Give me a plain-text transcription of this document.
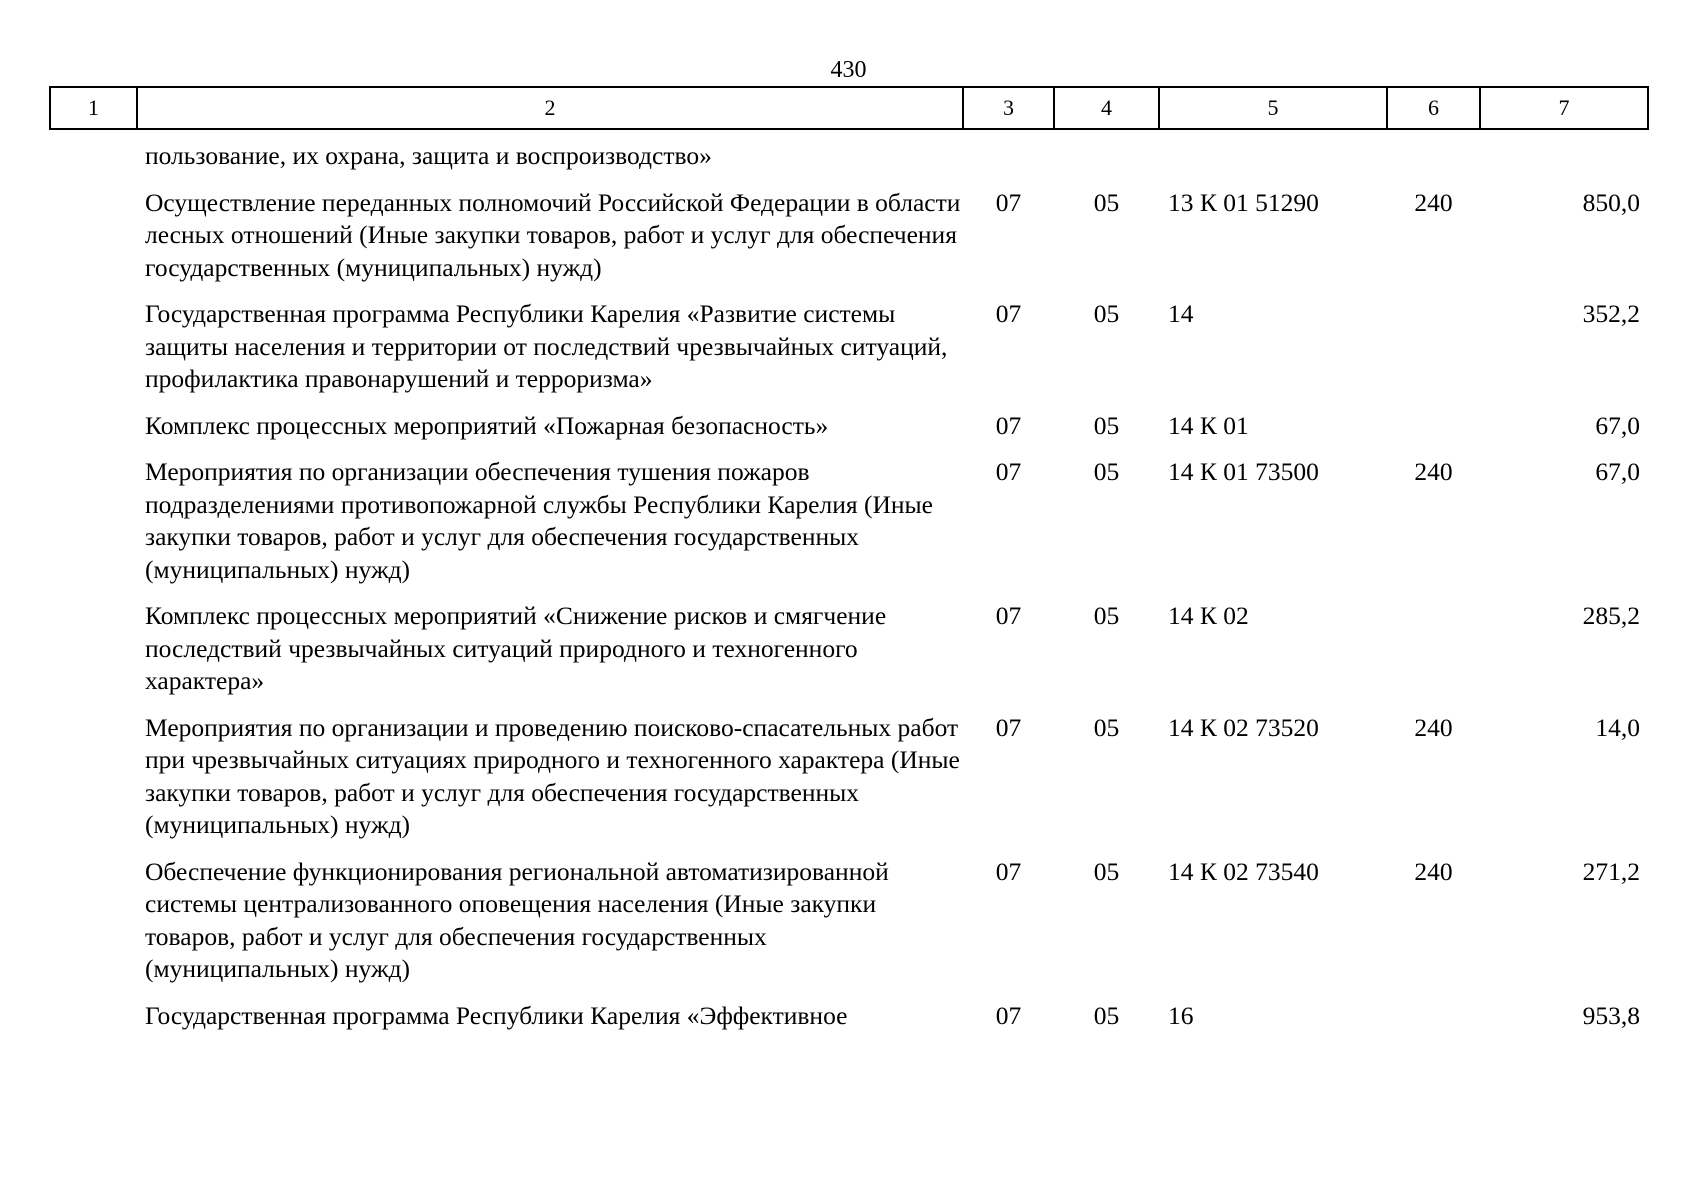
430
1	2	3	4	5	6	7
пользование, их охрана, защита и воспроизводство»						
Осуществление переданных полномочий Российской Федерации в области лесных отношений (Иные закупки товаров, работ и услуг для обеспечения государственных (муниципальных) нужд)		07	05	13 К 01 51290	240	850,0
Государственная программа Республики Карелия «Развитие системы защиты населения и территории от последствий чрезвычайных ситуаций, профилактика правонарушений и терроризма»		07	05	14		352,2
Комплекс процессных мероприятий «Пожарная безопасность»		07	05	14 К 01		67,0
Мероприятия по организации обеспечения тушения пожаров подразделениями противопожарной службы Республики Карелия (Иные закупки товаров, работ и услуг для обеспечения государственных (муниципальных) нужд)		07	05	14 К 01 73500	240	67,0
Комплекс процессных мероприятий «Снижение рисков и смягчение последствий чрезвычайных ситуаций природного и техногенного характера»		07	05	14 К 02		285,2
Мероприятия по организации и проведению поисково-спасательных работ при чрезвычайных ситуациях природного и техногенного характера (Иные закупки товаров, работ и услуг для обеспечения государственных (муниципальных) нужд)		07	05	14 К 02 73520	240	14,0
Обеспечение функционирования региональной автоматизированной системы централизованного оповещения населения (Иные закупки товаров, работ и услуг для обеспечения государственных (муниципальных) нужд)		07	05	14 К 02 73540	240	271,2
Государственная программа Республики Карелия «Эффективное		07	05	16		953,8
